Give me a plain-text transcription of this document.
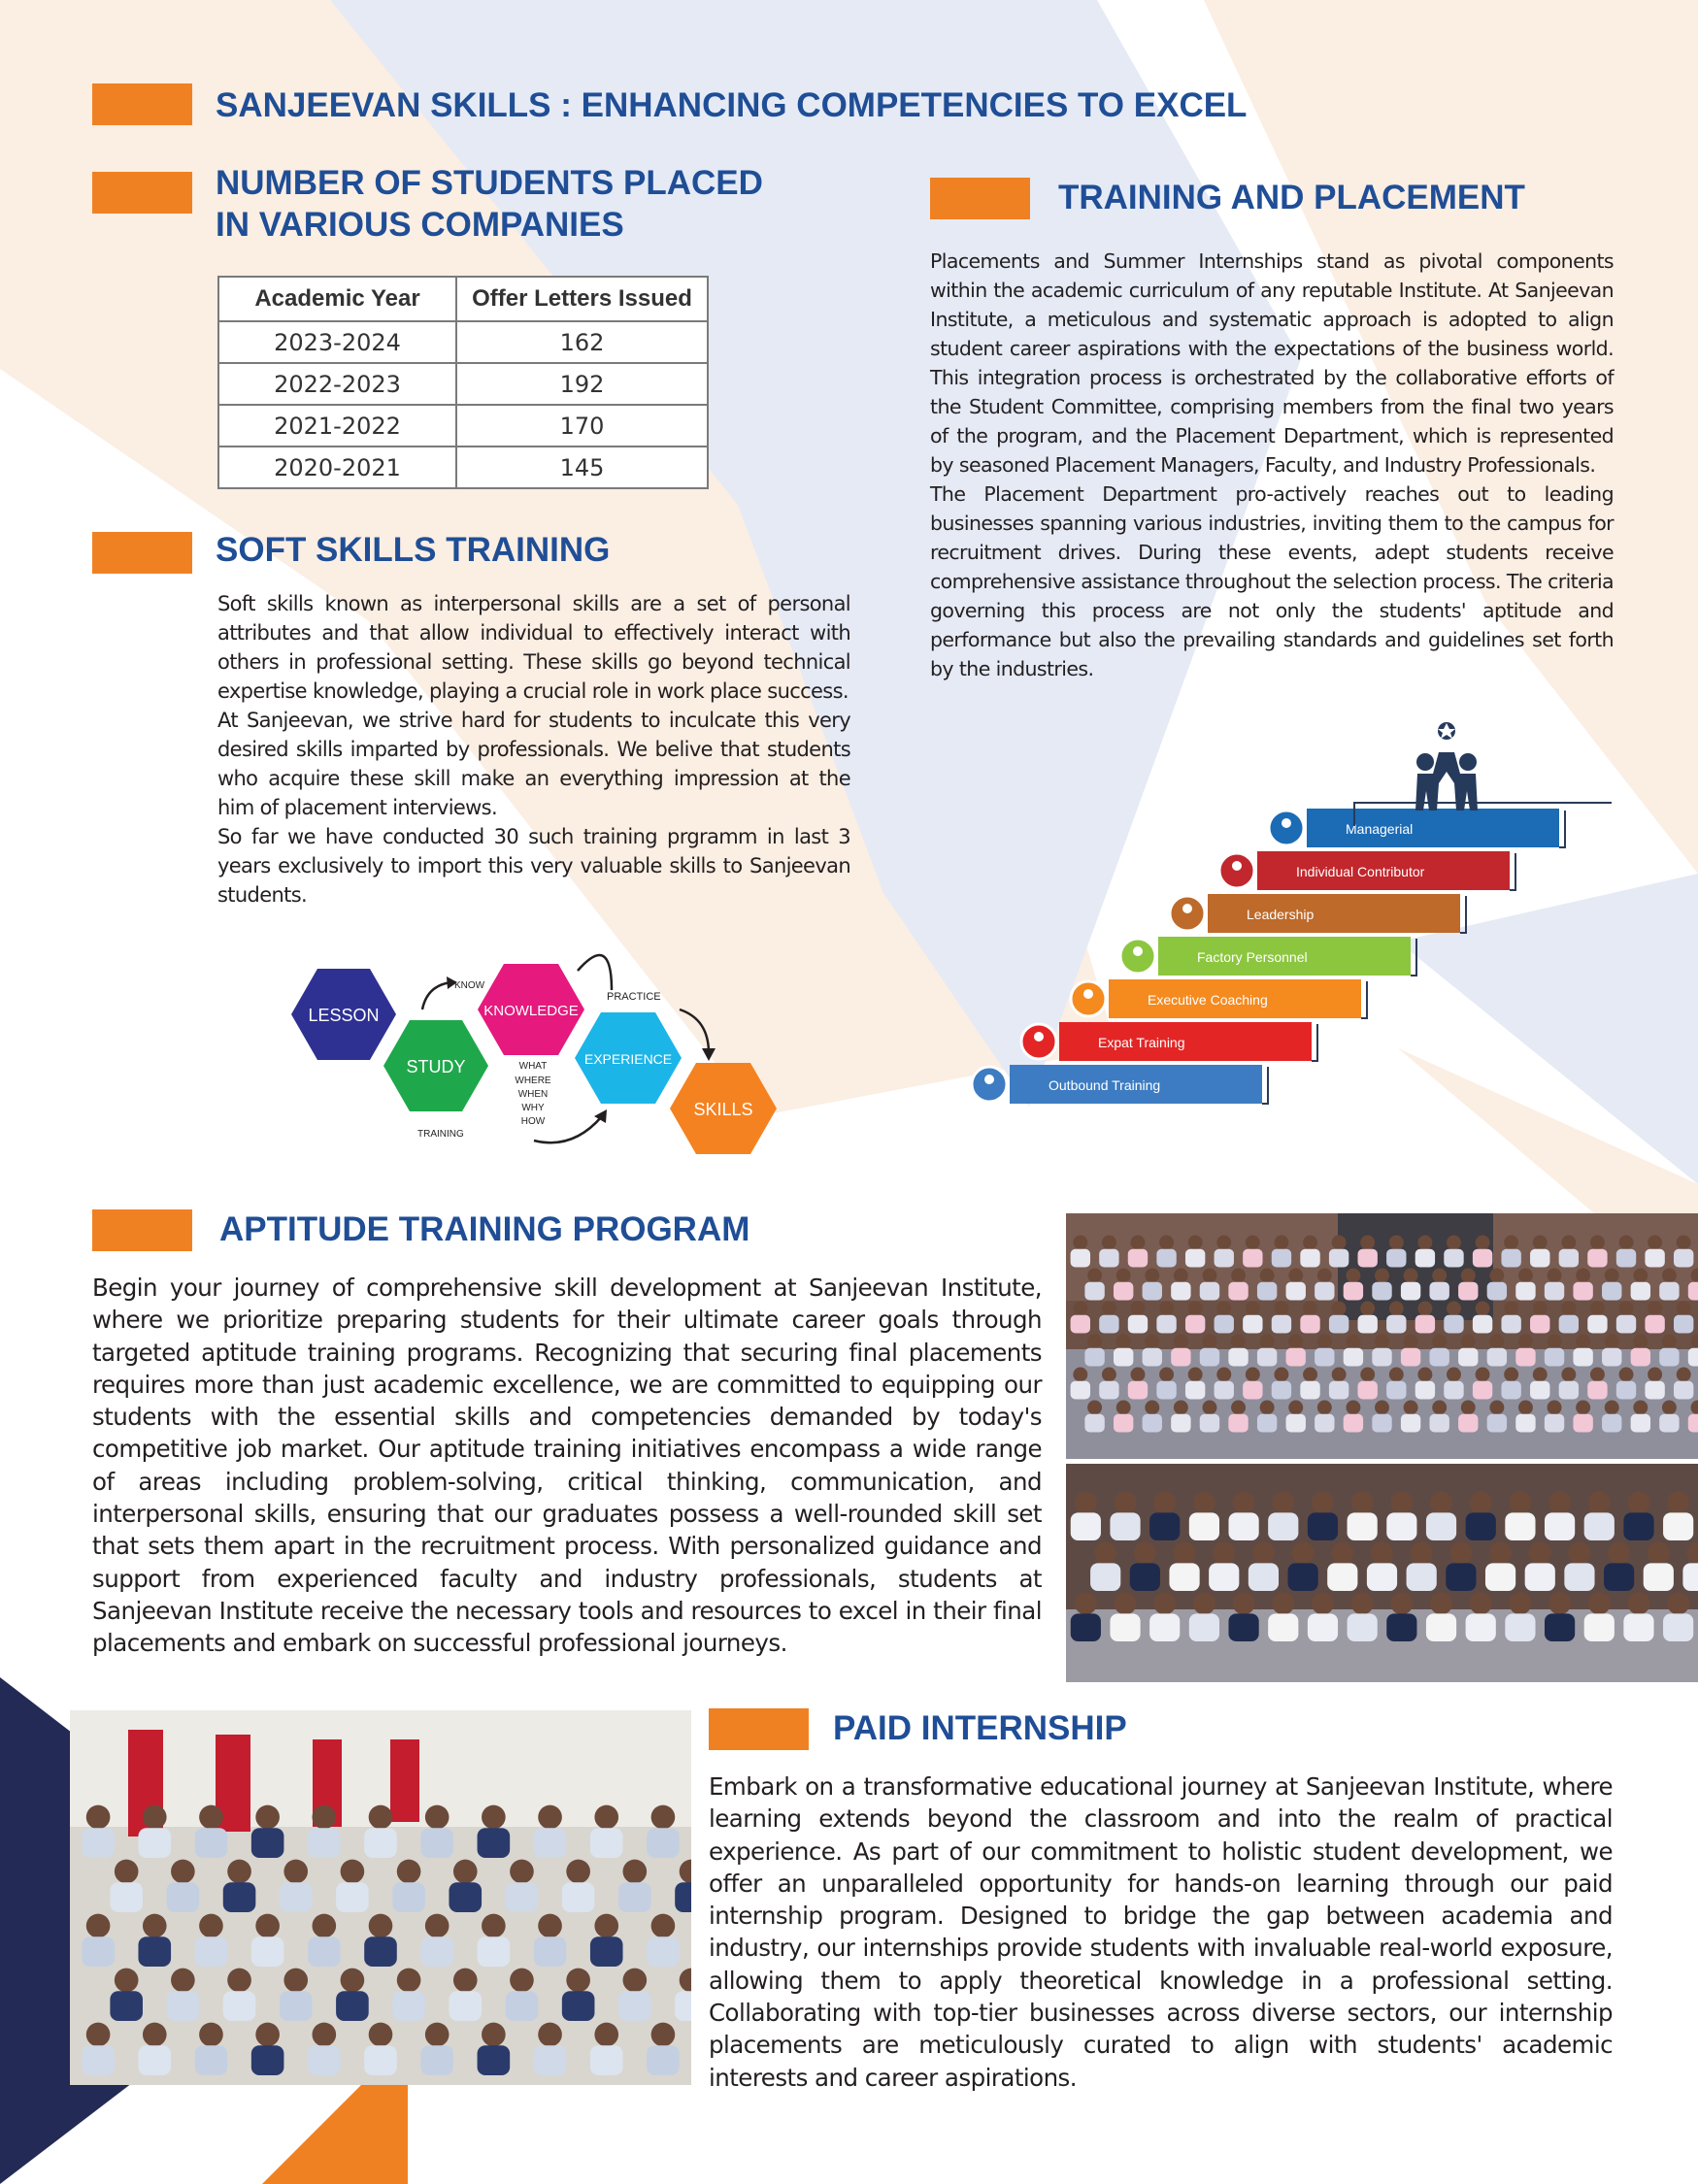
SANJEEVAN SKILLS : ENHANCING COMPETENCIES TO EXCEL
NUMBER OF STUDENTS PLACED
IN VARIOUS COMPANIES
Academic Year	Offer Letters Issued
2023-2024	162
2022-2023	192
2021-2022	170
2020-2021	145
SOFT SKILLS TRAINING

Soft skills known as interpersonal skills are a set of personal attributes and that allow individual to effectively interact with others in professional setting. These skills go beyond technical expertise knowledge, playing a crucial role in work place success.
At Sanjeevan, we strive hard for students to inculcate this very desired skills imparted by professionals. We belive that students who acquire these skill make an everything impression at the him of placement interviews.
So far we have conducted 30 such training prgramm in last 3 years exclusively to import this very valuable skills to Sanjeevan students.

LESSON
STUDY
KNOWLEDGE
EXPERIENCE
SKILLS
KNOW
PRACTICE
TRAINING
WHAT
WHERE
WHEN
WHY
HOW
TRAINING AND PLACEMENT

Placements and Summer Internships stand as pivotal components within the academic curriculum of any reputable Institute. At Sanjeevan Institute, a meticulous and systematic approach is adopted to align student career aspirations with the expectations of the business world. This integration process is orchestrated by the collaborative efforts of the Student Committee, comprising members from the final two years of the program, and the Placement Department, which is represented by seasoned Placement Managers, Faculty, and Industry Professionals.
The Placement Department pro-actively reaches out to leading businesses spanning various industries, inviting them to the campus for recruitment drives. During these events, adept students receive comprehensive assistance throughout the selection process. The criteria governing this process are not only the students' aptitude and performance but also the prevailing standards and guidelines set forth by the industries.

Outbound Training
Expat Training
Executive Coaching
Factory Personnel
Leadership
Individual Contributor
Managerial
APTITUDE TRAINING PROGRAM

Begin your journey of comprehensive skill development at Sanjeevan Institute, where we prioritize preparing students for their ultimate career goals through targeted aptitude training programs. Recognizing that securing final placements requires more than just academic excellence, we are committed to equipping our students with the essential skills and competencies demanded by today's competitive job market. Our aptitude training initiatives encompass a wide range of areas including problem-solving, critical thinking, communication, and interpersonal skills, ensuring that our graduates possess a well-rounded skill set that sets them apart in the recruitment process. With personalized guidance and support from experienced faculty and industry professionals, students at Sanjeevan Institute receive the necessary tools and resources to excel in their final placements and embark on successful professional journeys.

PAID INTERNSHIP

Embark on a transformative educational journey at Sanjeevan Institute, where learning extends beyond the classroom and into the realm of practical experience. As part of our commitment to holistic student development, we offer an unparalleled opportunity for hands-on learning through our paid internship program. Designed to bridge the gap between academia and industry, our internships provide students with invaluable real-world exposure, allowing them to apply theoretical knowledge in a professional setting. Collaborating with top-tier businesses across diverse sectors, our internship placements are meticulously curated to align with students' academic interests and career aspirations.
